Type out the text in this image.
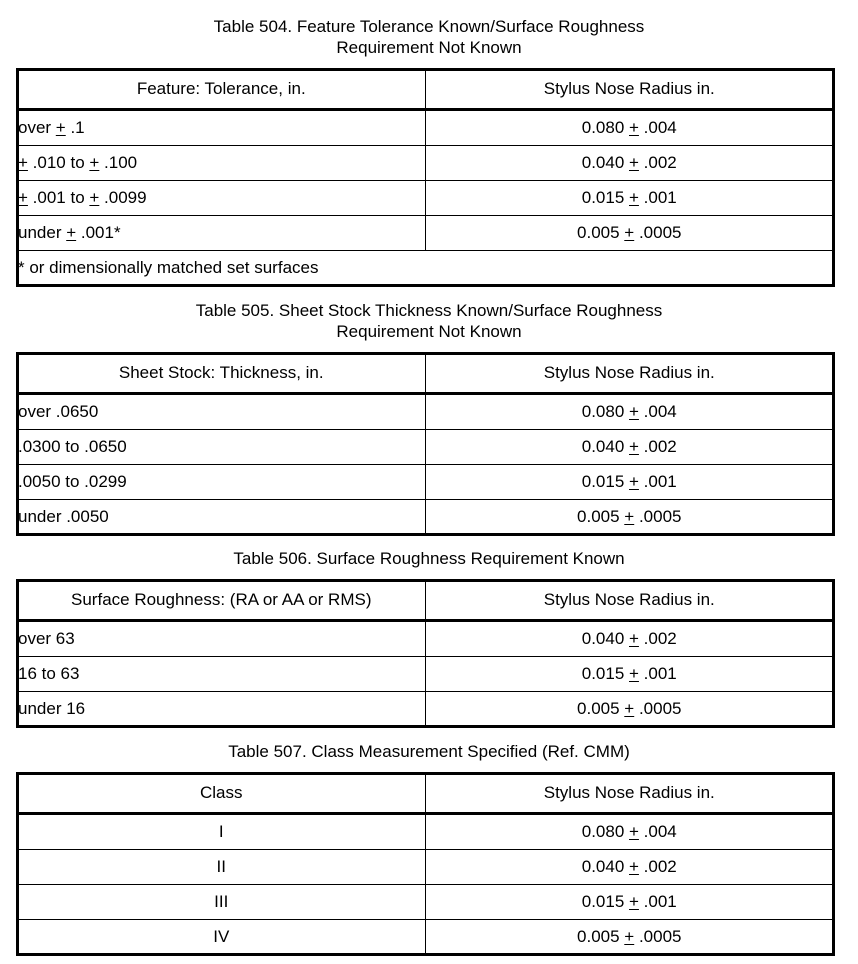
Table 504. Feature Tolerance Known/Surface Roughness
Requirement Not Known
Feature: Tolerance, in.	Stylus Nose Radius in.
over + .1	0.080 + .004
+ .010 to + .100	0.040 + .002
+ .001 to + .0099	0.015 + .001
under + .001*	0.005 + .0005
* or dimensionally matched set surfaces	
Table 505. Sheet Stock Thickness Known/Surface Roughness
Requirement Not Known
Sheet Stock: Thickness, in.	Stylus Nose Radius in.
over .0650	0.080 + .004
.0300 to .0650	0.040 + .002
.0050 to .0299	0.015 + .001
under .0050	0.005 + .0005
Table 506. Surface Roughness Requirement Known
Surface Roughness: (RA or AA or RMS)	Stylus Nose Radius in.
over 63	0.040 + .002
16 to 63	0.015 + .001
under 16	0.005 + .0005
Table 507. Class Measurement Specified (Ref. CMM)
Class	Stylus Nose Radius in.
I	0.080 + .004
II	0.040 + .002
III	0.015 + .001
IV	0.005 + .0005
